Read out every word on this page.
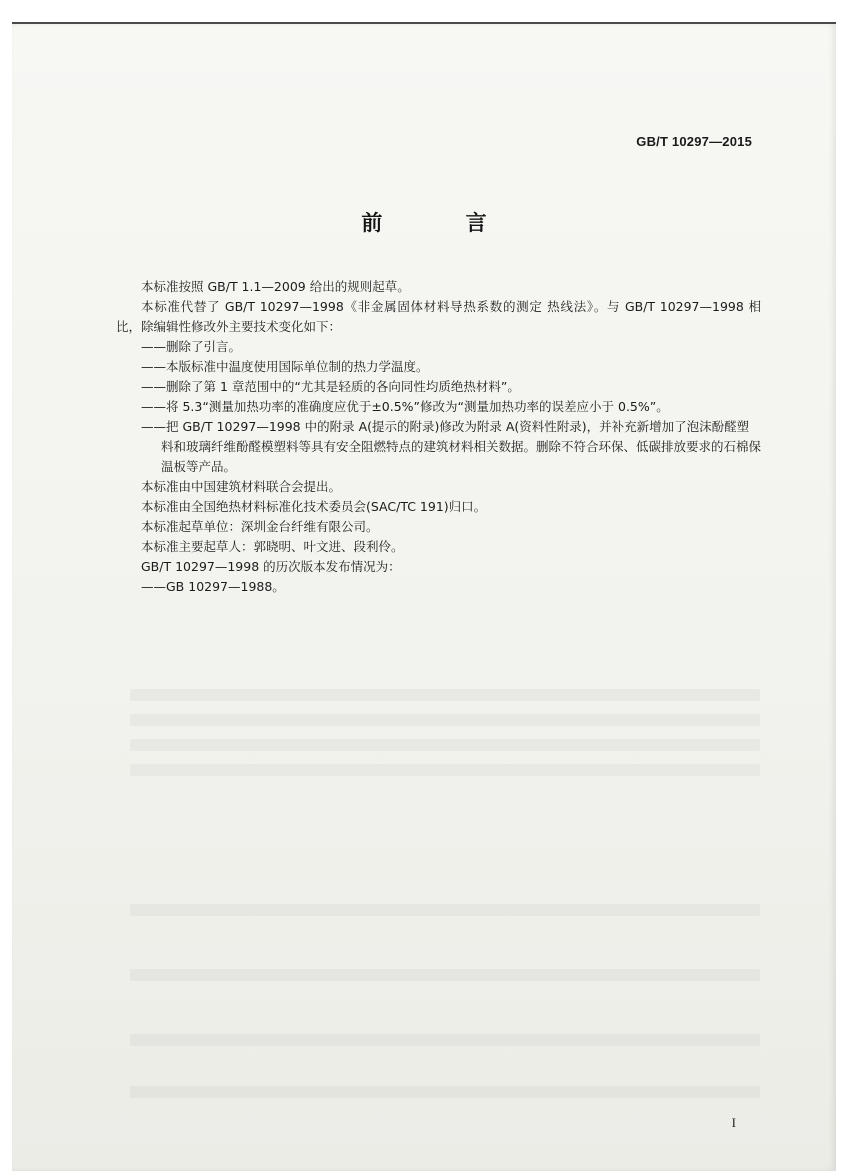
GB/T 10297—2015
前 言

本标准按照 GB/T 1.1—2009 给出的规则起草。

本标准代替了 GB/T 10297—1998《非金属固体材料导热系数的测定 热线法》。与 GB/T 10297—1998 相比，除编辑性修改外主要技术变化如下：

——删除了引言。

——本版标准中温度使用国际单位制的热力学温度。

——删除了第 1 章范围中的“尤其是轻质的各向同性均质绝热材料”。

——将 5.3“测量加热功率的准确度应优于±0.5%”修改为“测量加热功率的误差应小于 0.5%”。

——把 GB/T 10297—1998 中的附录 A(提示的附录)修改为附录 A(资料性附录)，并补充新增加了泡沫酚醛塑料和玻璃纤维酚醛模塑料等具有安全阻燃特点的建筑材料相关数据。删除不符合环保、低碳排放要求的石棉保温板等产品。

本标准由中国建筑材料联合会提出。

本标准由全国绝热材料标准化技术委员会(SAC/TC 191)归口。

本标准起草单位：深圳金台纤维有限公司。

本标准主要起草人：郭晓明、叶文进、段利伶。

GB/T 10297—1998 的历次版本发布情况为：

——GB 10297—1988。

I
